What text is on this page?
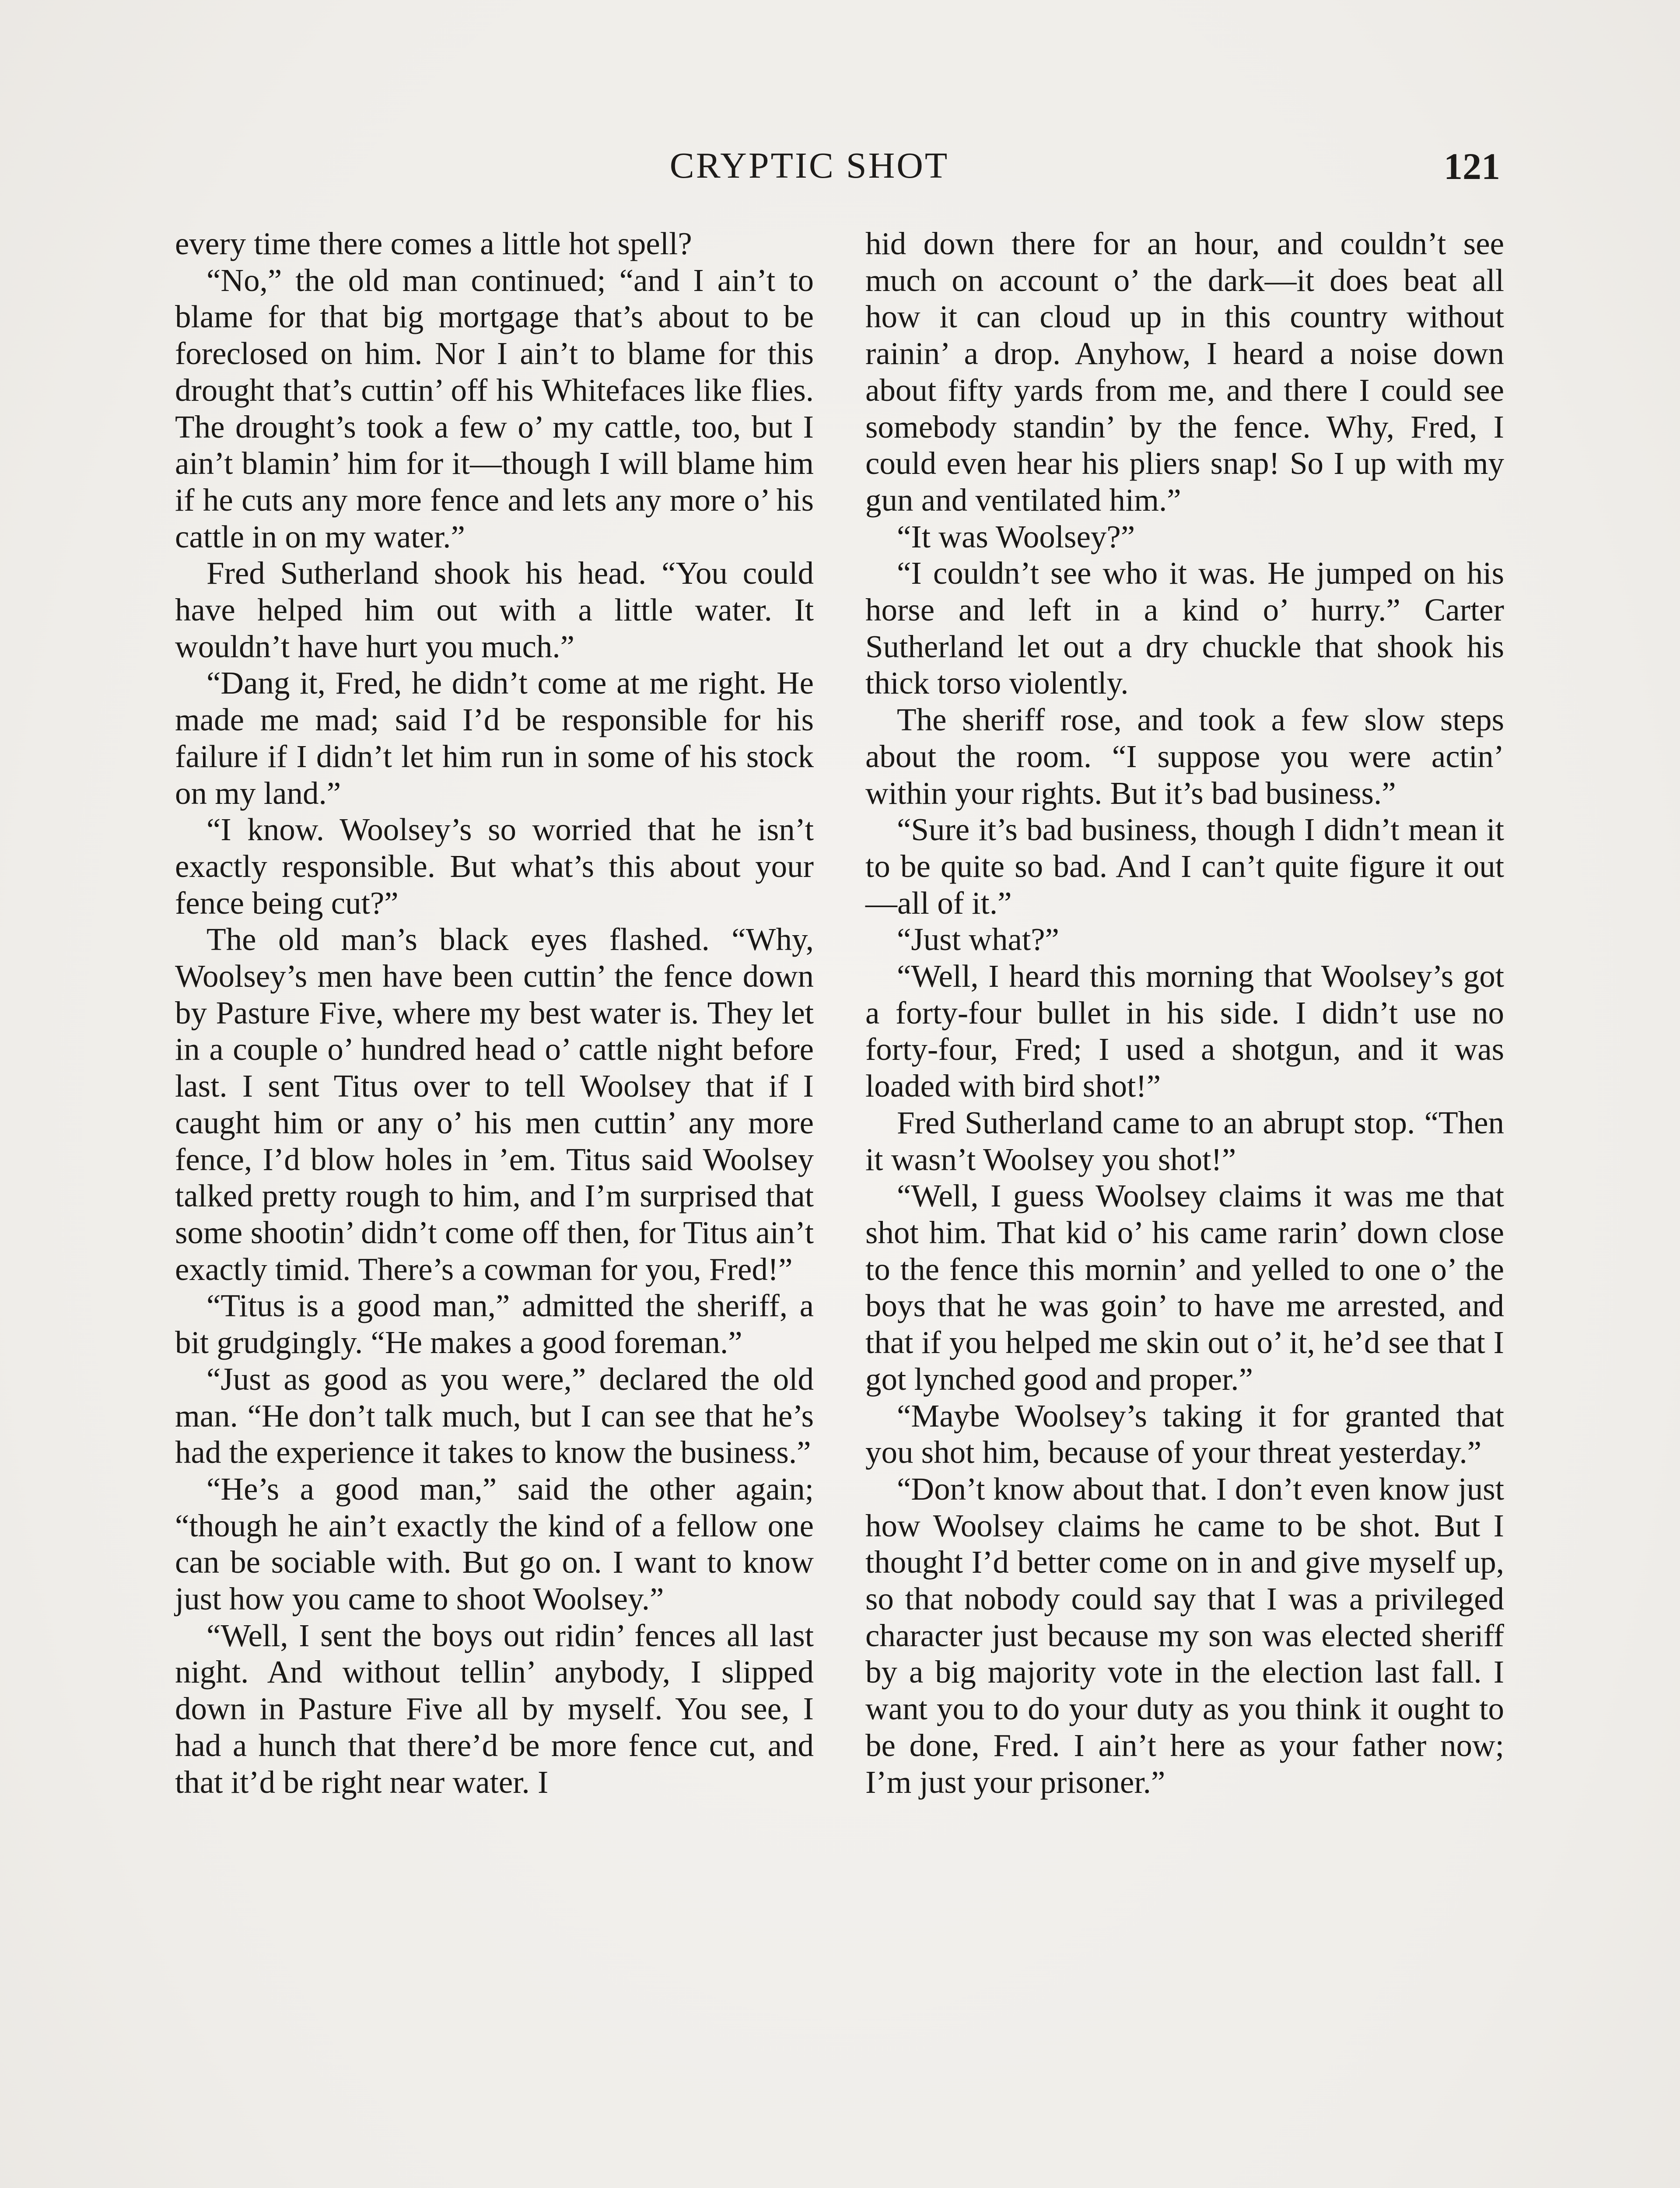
CRYPTIC SHOT	121

every time there comes a little hot spell?

“No,” the old man continued; “and I ain’t to blame for that big mortgage that’s about to be foreclosed on him. Nor I ain’t to blame for this drought that’s cuttin’ off his Whitefaces like flies. The drought’s took a few o’ my cattle, too, but I ain’t blamin’ him for it—though I will blame him if he cuts any more fence and lets any more o’ his cattle in on my water.”

Fred Sutherland shook his head. “You could have helped him out with a little water. It wouldn’t have hurt you much.”

“Dang it, Fred, he didn’t come at me right. He made me mad; said I’d be responsible for his failure if I didn’t let him run in some of his stock on my land.”

“I know. Woolsey’s so worried that he isn’t exactly responsible. But what’s this about your fence being cut?”

The old man’s black eyes flashed. “Why, Woolsey’s men have been cuttin’ the fence down by Pasture Five, where my best water is. They let in a couple o’ hundred head o’ cattle night before last. I sent Titus over to tell Woolsey that if I caught him or any o’ his men cuttin’ any more fence, I’d blow holes in ’em. Titus said Woolsey talked pretty rough to him, and I’m surprised that some shootin’ didn’t come off then, for Titus ain’t exactly timid. There’s a cowman for you, Fred!”

“Titus is a good man,” admitted the sheriff, a bit grudgingly. “He makes a good foreman.”

“Just as good as you were,” declared the old man. “He don’t talk much, but I can see that he’s had the experience it takes to know the business.”

“He’s a good man,” said the other again; “though he ain’t exactly the kind of a fellow one can be sociable with. But go on. I want to know just how you came to shoot Woolsey.”

“Well, I sent the boys out ridin’ fences all last night. And without tellin’ anybody, I slipped down in Pasture Five all by myself. You see, I had a hunch that there’d be more fence cut, and that it’d be right near water. I

hid down there for an hour, and couldn’t see much on account o’ the dark—it does beat all how it can cloud up in this country without rainin’ a drop. Anyhow, I heard a noise down about fifty yards from me, and there I could see somebody standin’ by the fence. Why, Fred, I could even hear his pliers snap! So I up with my gun and ventilated him.”

“It was Woolsey?”

“I couldn’t see who it was. He jumped on his horse and left in a kind o’ hurry.” Carter Sutherland let out a dry chuckle that shook his thick torso violently.

The sheriff rose, and took a few slow steps about the room. “I suppose you were actin’ within your rights. But it’s bad business.”

“Sure it’s bad business, though I didn’t mean it to be quite so bad. And I can’t quite figure it out—all of it.”

“Just what?”

“Well, I heard this morning that Woolsey’s got a forty-four bullet in his side. I didn’t use no forty-four, Fred; I used a shotgun, and it was loaded with bird shot!”

Fred Sutherland came to an abrupt stop. “Then it wasn’t Woolsey you shot!”

“Well, I guess Woolsey claims it was me that shot him. That kid o’ his came rarin’ down close to the fence this mornin’ and yelled to one o’ the boys that he was goin’ to have me arrested, and that if you helped me skin out o’ it, he’d see that I got lynched good and proper.”

“Maybe Woolsey’s taking it for granted that you shot him, because of your threat yesterday.”

“Don’t know about that. I don’t even know just how Woolsey claims he came to be shot. But I thought I’d better come on in and give myself up, so that nobody could say that I was a privileged character just because my son was elected sheriff by a big majority vote in the election last fall. I want you to do your duty as you think it ought to be done, Fred. I ain’t here as your father now; I’m just your prisoner.”
